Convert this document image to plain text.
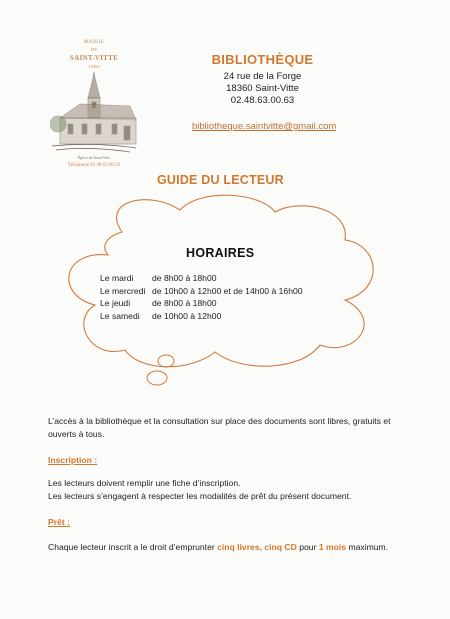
MAIRIE
DE
SAINT-VITTE
18360
Église de Saint-Vitte
Téléphone 02 48 63 00 63
BIBLIOTHÈQUE
24 rue de la Forge
18360 Saint-Vitte
02.48.63.00.63
bibliotheque.saintvitte@gmail.com
GUIDE DU LECTEUR
HORAIRES
Le mardi de 8h00 à 18h00
Le mercredi de 10h00 à 12h00 et de 14h00 à 16h00
Le jeudi	de 8h00 à 18h00
Le samedi de 10h00 à 12h00
L’accès à la bibliothèque et la consultation sur place des documents sont libres, gratuits et ouverts à tous.
Inscription :
Les lecteurs doivent remplir une fiche d’inscription.
Les lecteurs s’engagent à respecter les modalités de prêt du présent document.
Prêt :
Chaque lecteur inscrit a le droit d’emprunter cinq livres, cinq CD pour 1 mois maximum.
